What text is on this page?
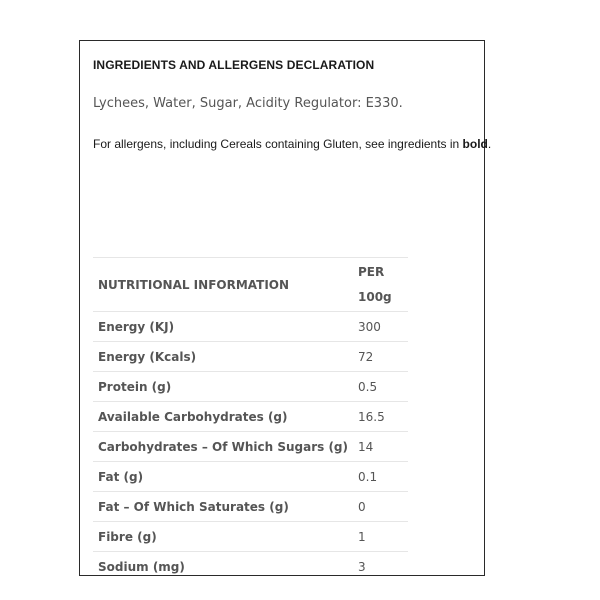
INGREDIENTS AND ALLERGENS DECLARATION
Lychees, Water, Sugar, Acidity Regulator: E330.
For allergens, including Cereals containing Gluten, see ingredients in bold.
NUTRITIONAL INFORMATION	PER 100g
Energy (KJ)	300
Energy (Kcals)	72
Protein (g)	0.5
Available Carbohydrates (g)	16.5
Carbohydrates – Of Which Sugars (g)	14
Fat (g)	0.1
Fat – Of Which Saturates (g)	0
Fibre (g)	1
Sodium (mg)	3
